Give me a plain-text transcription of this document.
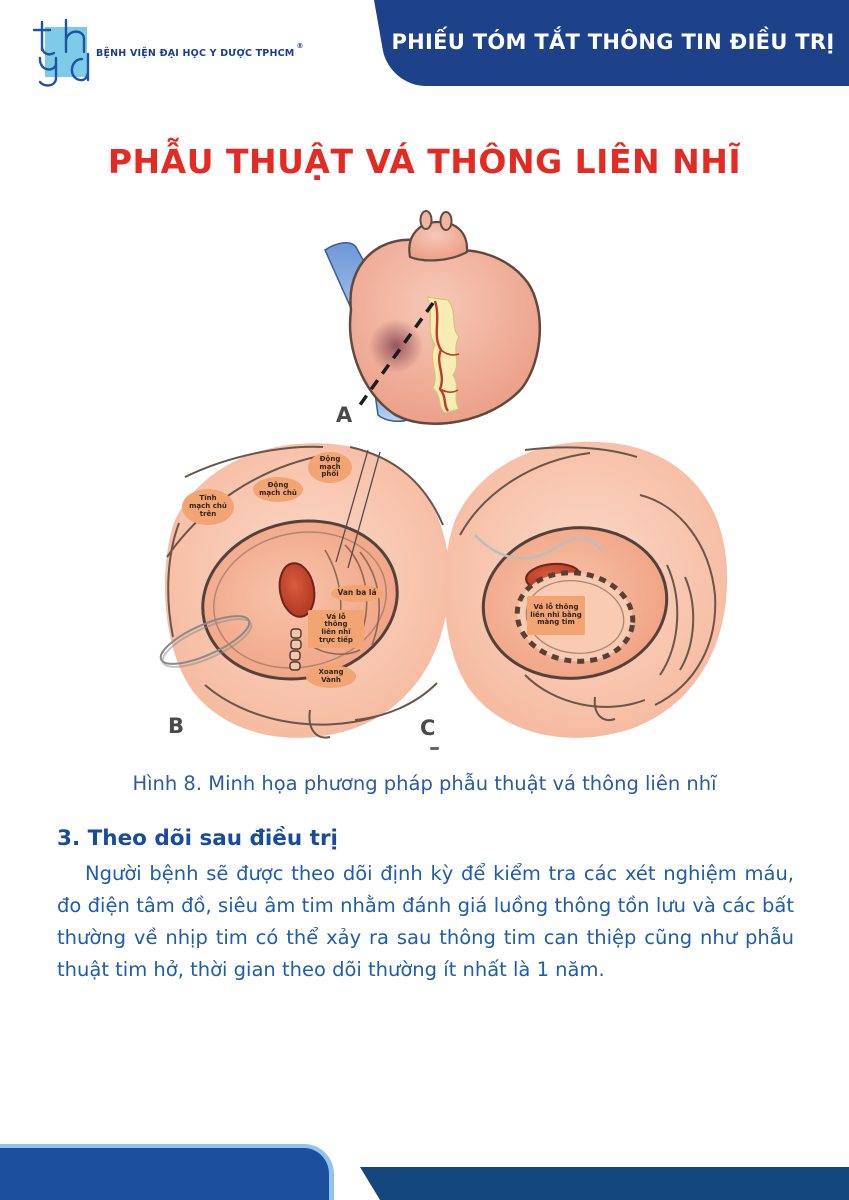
PHIẾU TÓM TẮT THÔNG TIN ĐIỀU TRỊ
BỆNH VIỆN ĐẠI HỌC Y DƯỢC TPHCM®
PHẪU THUẬT VÁ THÔNG LIÊN NHĨ
A
B	C
Tĩnh mạch chủ trên
Động mạch chủ
Động mạch phổi
Van ba lá
Vá lỗ thông liên nhĩ trực tiếp
Xoang Vành
Vá lỗ thông liên nhĩ bằng màng tim
Hình 8. Minh họa phương pháp phẫu thuật vá thông liên nhĩ
3. Theo dõi sau điều trị
Người bệnh sẽ được theo dõi định kỳ để kiểm tra các xét nghiệm máu, đo điện tâm đồ, siêu âm tim nhằm đánh giá luồng thông tồn lưu và các bất thường về nhịp tim có thể xảy ra sau thông tim can thiệp cũng như phẫu thuật tim hở, thời gian theo dõi thường ít nhất là 1 năm.
